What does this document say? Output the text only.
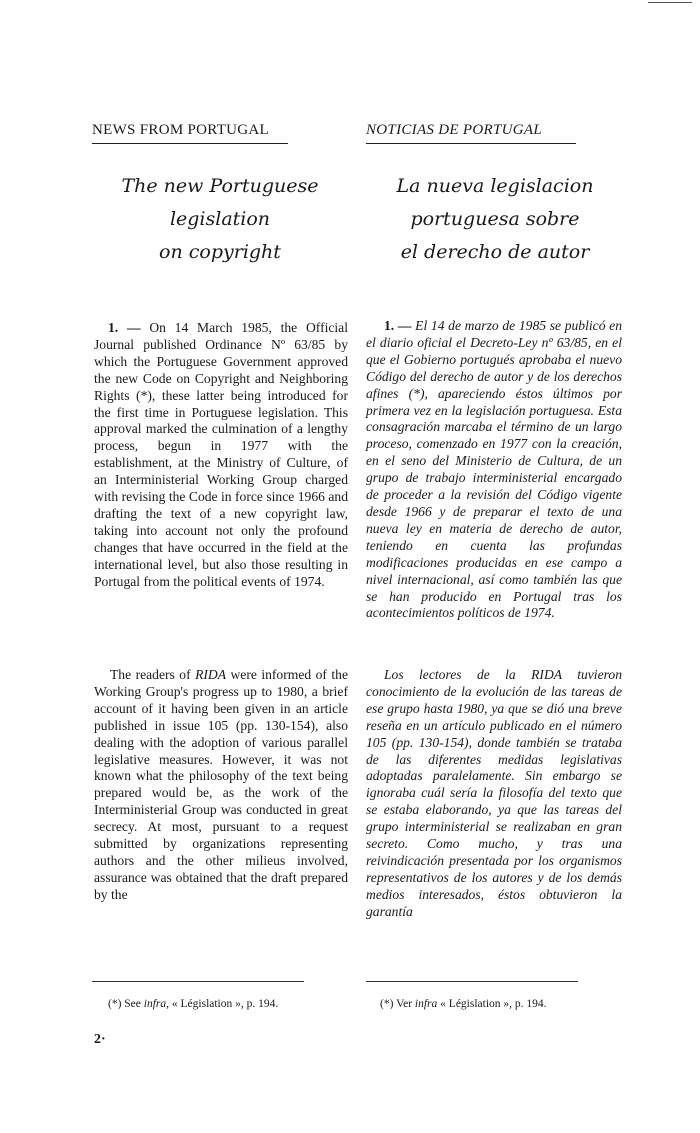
NEWS FROM PORTUGAL	NOTICIAS DE PORTUGAL
The new Portuguese
legislation
on copyright
La nueva legislacion
portuguesa sobre
el derecho de autor

1. — On 14 March 1985, the Official Journal published Ordinance Nº 63/85 by which the Portuguese Government approved the new Code on Copyright and Neighboring Rights (*), these latter being introduced for the first time in Portuguese legislation. This approval marked the culmination of a lengthy process, begun in 1977 with the establishment, at the Ministry of Culture, of an Interministerial Working Group charged with revising the Code in force since 1966 and drafting the text of a new copyright law, taking into account not only the profound changes that have occurred in the field at the international level, but also those resulting in Portugal from the political events of 1974.

1. — El 14 de marzo de 1985 se publicó en el diario oficial el Decreto-Ley nº 63/85, en el que el Gobierno portugués aprobaba el nuevo Código del derecho de autor y de los derechos afines (*), apareciendo éstos últimos por primera vez en la legislación portuguesa. Esta consagración marcaba el término de un largo proceso, comenzado en 1977 con la creación, en el seno del Ministerio de Cultura, de un grupo de trabajo interministerial encargado de proceder a la revisión del Código vigente desde 1966 y de preparar el texto de una nueva ley en materia de derecho de autor, teniendo en cuenta las profundas modificaciones producidas en ese campo a nivel internacional, así como también las que se han producido en Portugal tras los acontecimientos políticos de 1974.

The readers of RIDA were informed of the Working Group's progress up to 1980, a brief account of it having been given in an article published in issue 105 (pp. 130-154), also dealing with the adoption of various parallel legislative measures. However, it was not known what the philosophy of the text being prepared would be, as the work of the Interministerial Group was conducted in great secrecy. At most, pursuant to a request submitted by organizations representing authors and the other milieus involved, assurance was obtained that the draft prepared by the

Los lectores de la RIDA tuvieron conocimiento de la evolución de las tareas de ese grupo hasta 1980, ya que se dió una breve reseña en un artículo publicado en el número 105 (pp. 130-154), donde también se trataba de las diferentes medidas legislativas adoptadas paralelamente. Sin embargo se ignoraba cuál sería la filosofía del texto que se estaba elaborando, ya que las tareas del grupo interministerial se realizaban en gran secreto. Como mucho, y tras una reivindicación presentada por los organismos representativos de los autores y de los demás medios interesados, éstos obtuvieron la garantía

(*) See infra, « Législation », p. 194.	(*) Ver infra « Législation », p. 194.
2·
